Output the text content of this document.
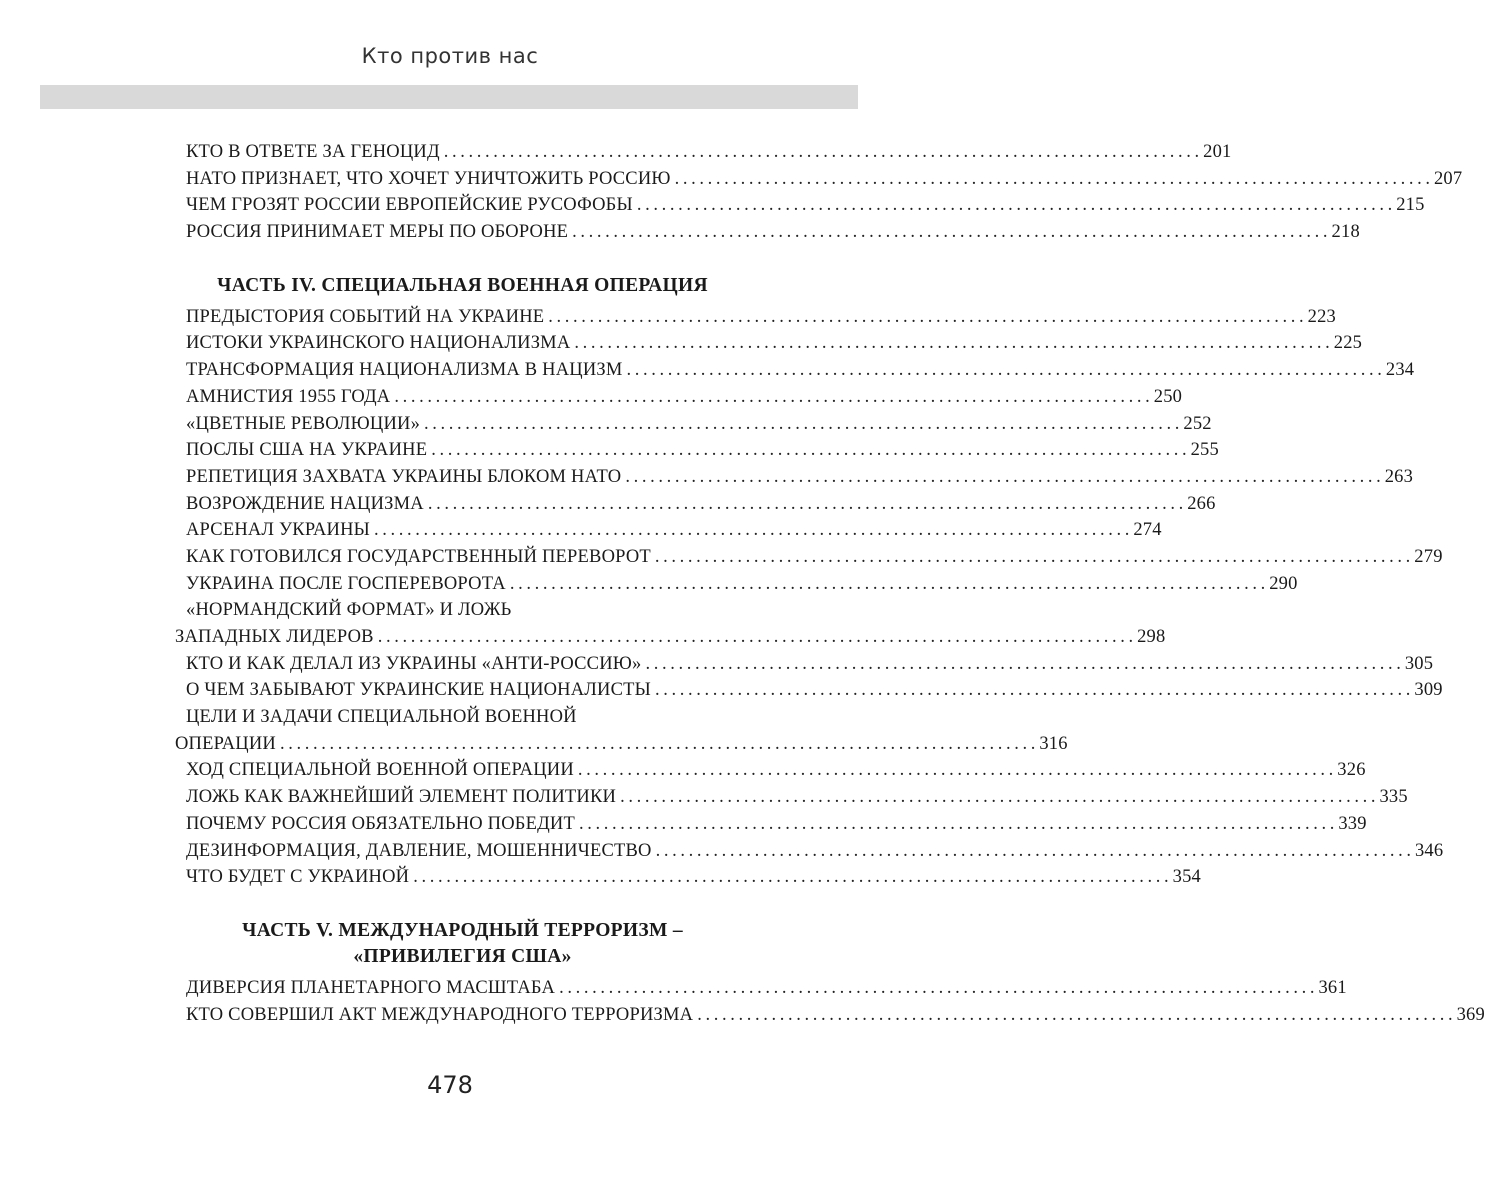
Кто против нас
КТО В ОТВЕТЕ ЗА ГЕНОЦИД . . .	201
НАТО ПРИЗНАЕТ, ЧТО ХОЧЕТ УНИЧТОЖИТЬ РОССИЮ . . .	207
ЧЕМ ГРОЗЯТ РОССИИ ЕВРОПЕЙСКИЕ РУСОФОБЫ . . .	215
РОССИЯ ПРИНИМАЕТ МЕРЫ ПО ОБОРОНЕ . . .	218
ЧАСТЬ IV. СПЕЦИАЛЬНАЯ ВОЕННАЯ ОПЕРАЦИЯ
ПРЕДЫСТОРИЯ СОБЫТИЙ НА УКРАИНЕ . . .	223
ИСТОКИ УКРАИНСКОГО НАЦИОНАЛИЗМА . . .	225
ТРАНСФОРМАЦИЯ НАЦИОНАЛИЗМА В НАЦИЗМ . . .	234
АМНИСТИЯ 1955 ГОДА . . .	250
«ЦВЕТНЫЕ РЕВОЛЮЦИИ» . . .	252
ПОСЛЫ США НА УКРАИНЕ . . .	255
РЕПЕТИЦИЯ ЗАХВАТА УКРАИНЫ БЛОКОМ НАТО . . .	263
ВОЗРОЖДЕНИЕ НАЦИЗМА . . .	266
АРСЕНАЛ УКРАИНЫ . . .	274
КАК ГОТОВИЛСЯ ГОСУДАРСТВЕННЫЙ ПЕРЕВОРОТ . . .	279
УКРАИНА ПОСЛЕ ГОСПЕРЕВОРОТА . . .	290
«НОРМАНДСКИЙ ФОРМАТ» И ЛОЖЬ
ЗАПАДНЫХ ЛИДЕРОВ . . .	298
КТО И КАК ДЕЛАЛ ИЗ УКРАИНЫ «АНТИ-РОССИЮ» . . .	305
О ЧЕМ ЗАБЫВАЮТ УКРАИНСКИЕ НАЦИОНАЛИСТЫ . . .	309
ЦЕЛИ И ЗАДАЧИ СПЕЦИАЛЬНОЙ ВОЕННОЙ
ОПЕРАЦИИ . . .	316
ХОД СПЕЦИАЛЬНОЙ ВОЕННОЙ ОПЕРАЦИИ . . .	326
ЛОЖЬ КАК ВАЖНЕЙШИЙ ЭЛЕМЕНТ ПОЛИТИКИ . . .	335
ПОЧЕМУ РОССИЯ ОБЯЗАТЕЛЬНО ПОБЕДИТ . . .	339
ДЕЗИНФОРМАЦИЯ, ДАВЛЕНИЕ, МОШЕННИЧЕСТВО . . .	346
ЧТО БУДЕТ С УКРАИНОЙ . . .	354
ЧАСТЬ V. МЕЖДУНАРОДНЫЙ ТЕРРОРИЗМ –
«ПРИВИЛЕГИЯ США»
ДИВЕРСИЯ ПЛАНЕТАРНОГО МАСШТАБА . . .	361
КТО СОВЕРШИЛ АКТ МЕЖДУНАРОДНОГО ТЕРРОРИЗМА . . .	369
478
